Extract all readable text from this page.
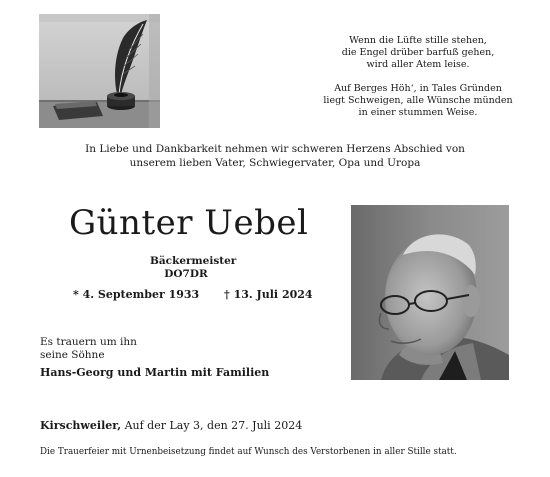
Wenn die Lüfte stille stehen,

die Engel drüber barfuß gehen,

wird aller Atem leise.

Auf Berges Höh‘, in Tales Gründen

liegt Schweigen, alle Wünsche münden

in einer stummen Weise.

In Liebe und Dankbarkeit nehmen wir schweren Herzens Abschied von
unserem lieben Vater, Schwiegervater, Opa und Uropa
Günter Uebel
Bäckermeister
DO7DR
* 4. September 1933 † 13. Juli 2024
Es trauern um ihn
seine Söhne
Hans-Georg und Martin mit Familien
Kirschweiler, Auf der Lay 3, den 27. Juli 2024
Die Trauerfeier mit Urnenbeisetzung findet auf Wunsch des Verstorbenen in aller Stille statt.
